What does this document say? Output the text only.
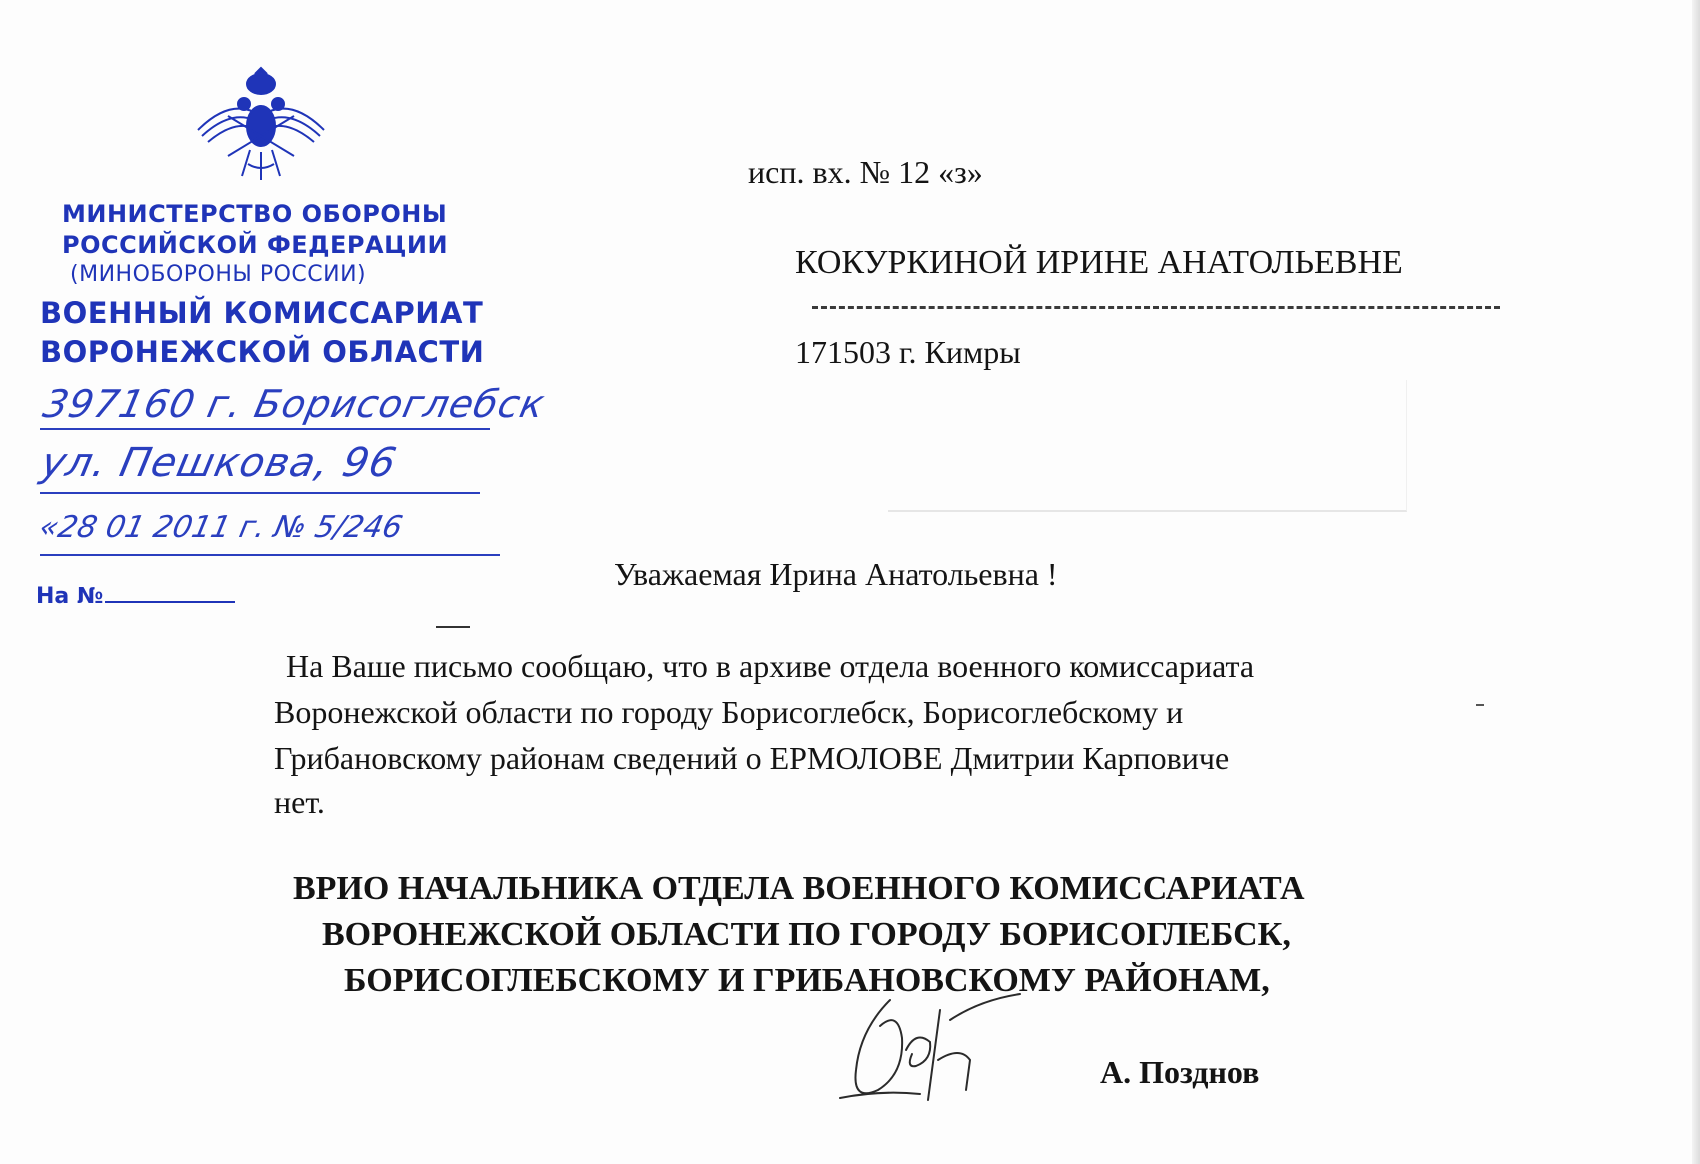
МИНИСТЕРСТВО ОБОРОНЫ
РОССИЙСКОЙ ФЕДЕРАЦИИ
(МИНОБОРОНЫ РОССИИ)
ВОЕННЫЙ КОМИССАРИАТ
ВОРОНЕЖСКОЙ ОБЛАСТИ
397160 г. Борисоглебск
ул. Пешкова, 96
«28 01 2011 г. № 5/246
На №
исп. вх. № 12 «з»
КОКУРКИНОЙ ИРИНЕ АНАТОЛЬЕВНЕ
171503 г. Кимры
Уважаемая Ирина Анатольевна !
На Ваше письмо сообщаю, что в архиве отдела военного комиссариата
Воронежской области по городу Борисоглебск, Борисоглебскому и
Грибановскому районам сведений о ЕРМОЛОВЕ Дмитрии Карповиче
нет.
ВРИО НАЧАЛЬНИКА ОТДЕЛА ВОЕННОГО КОМИССАРИАТА
ВОРОНЕЖСКОЙ ОБЛАСТИ ПО ГОРОДУ БОРИСОГЛЕБСК,
БОРИСОГЛЕБСКОМУ И ГРИБАНОВСКОМУ РАЙОНАМ,
А. Позднов
